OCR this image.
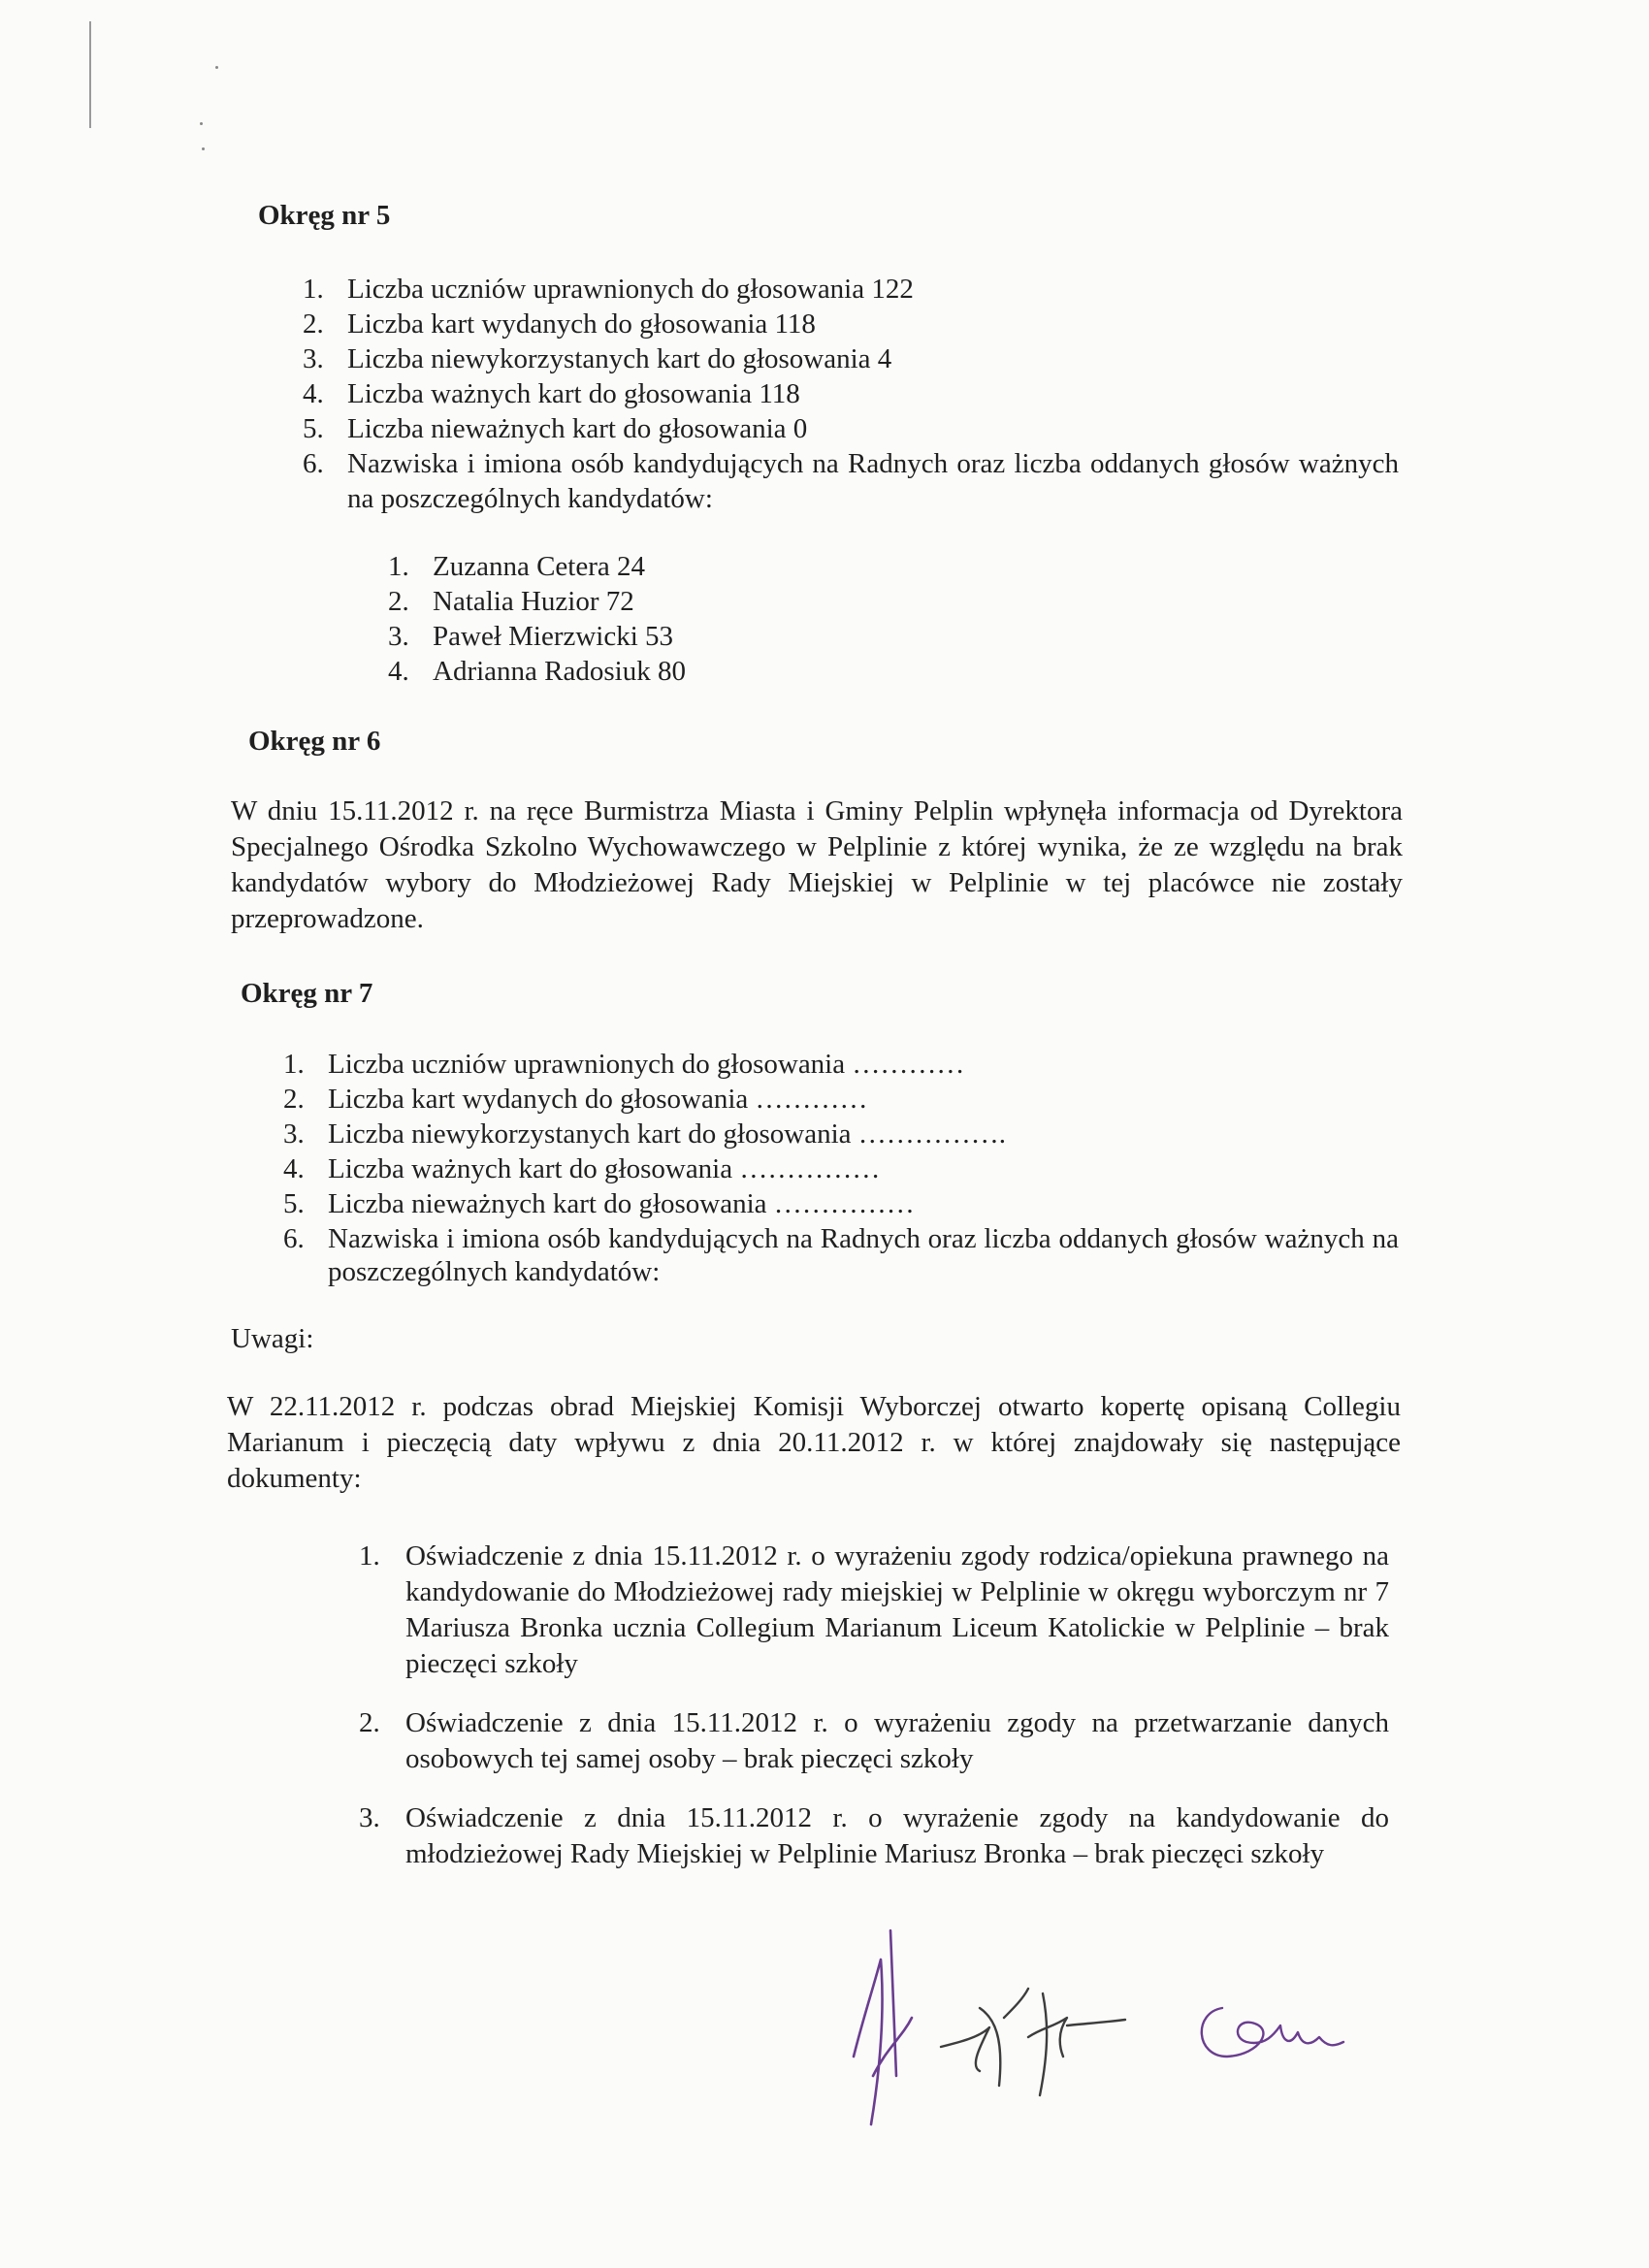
Okręg nr 5
1. Liczba uczniów uprawnionych do głosowania 122
2. Liczba kart wydanych do głosowania 118
3. Liczba niewykorzystanych kart do głosowania 4
4. Liczba ważnych kart do głosowania 118
5. Liczba nieważnych kart do głosowania 0
6. Nazwiska i imiona osób kandydujących na Radnych oraz liczba oddanych głosów ważnych na poszczególnych kandydatów:
1. Zuzanna Cetera 24
2. Natalia Huzior 72
3. Paweł Mierzwicki 53
4. Adrianna Radosiuk 80
Okręg nr 6

W dniu 15.11.2012 r. na ręce Burmistrza Miasta i Gminy Pelplin wpłynęła informacja od Dyrektora Specjalnego Ośrodka Szkolno Wychowawczego w Pelplinie z której wynika, że ze względu na brak kandydatów wybory do Młodzieżowej Rady Miejskiej w Pelplinie w tej placówce nie zostały przeprowadzone.

Okręg nr 7
1. Liczba uczniów uprawnionych do głosowania …………
2. Liczba kart wydanych do głosowania …………
3. Liczba niewykorzystanych kart do głosowania …………….
4. Liczba ważnych kart do głosowania ……………
5. Liczba nieważnych kart do głosowania ……………
6. Nazwiska i imiona osób kandydujących na Radnych oraz liczba oddanych głosów ważnych na poszczególnych kandydatów:

Uwagi:

W 22.11.2012 r. podczas obrad Miejskiej Komisji Wyborczej otwarto kopertę opisaną Collegiu Marianum i pieczęcią daty wpływu z dnia 20.11.2012 r. w której znajdowały się następujące dokumenty:

1. Oświadczenie z dnia 15.11.2012 r. o wyrażeniu zgody rodzica/opiekuna prawnego na kandydowanie do Młodzieżowej rady miejskiej w Pelplinie w okręgu wyborczym nr 7 Mariusza Bronka ucznia Collegium Marianum Liceum Katolickie w Pelplinie – brak pieczęci szkoły
2. Oświadczenie z dnia 15.11.2012 r. o wyrażeniu zgody na przetwarzanie danych osobowych tej samej osoby – brak pieczęci szkoły
3. Oświadczenie z dnia 15.11.2012 r. o wyrażenie zgody na kandydowanie do młodzieżowej Rady Miejskiej w Pelplinie Mariusz Bronka – brak pieczęci szkoły
